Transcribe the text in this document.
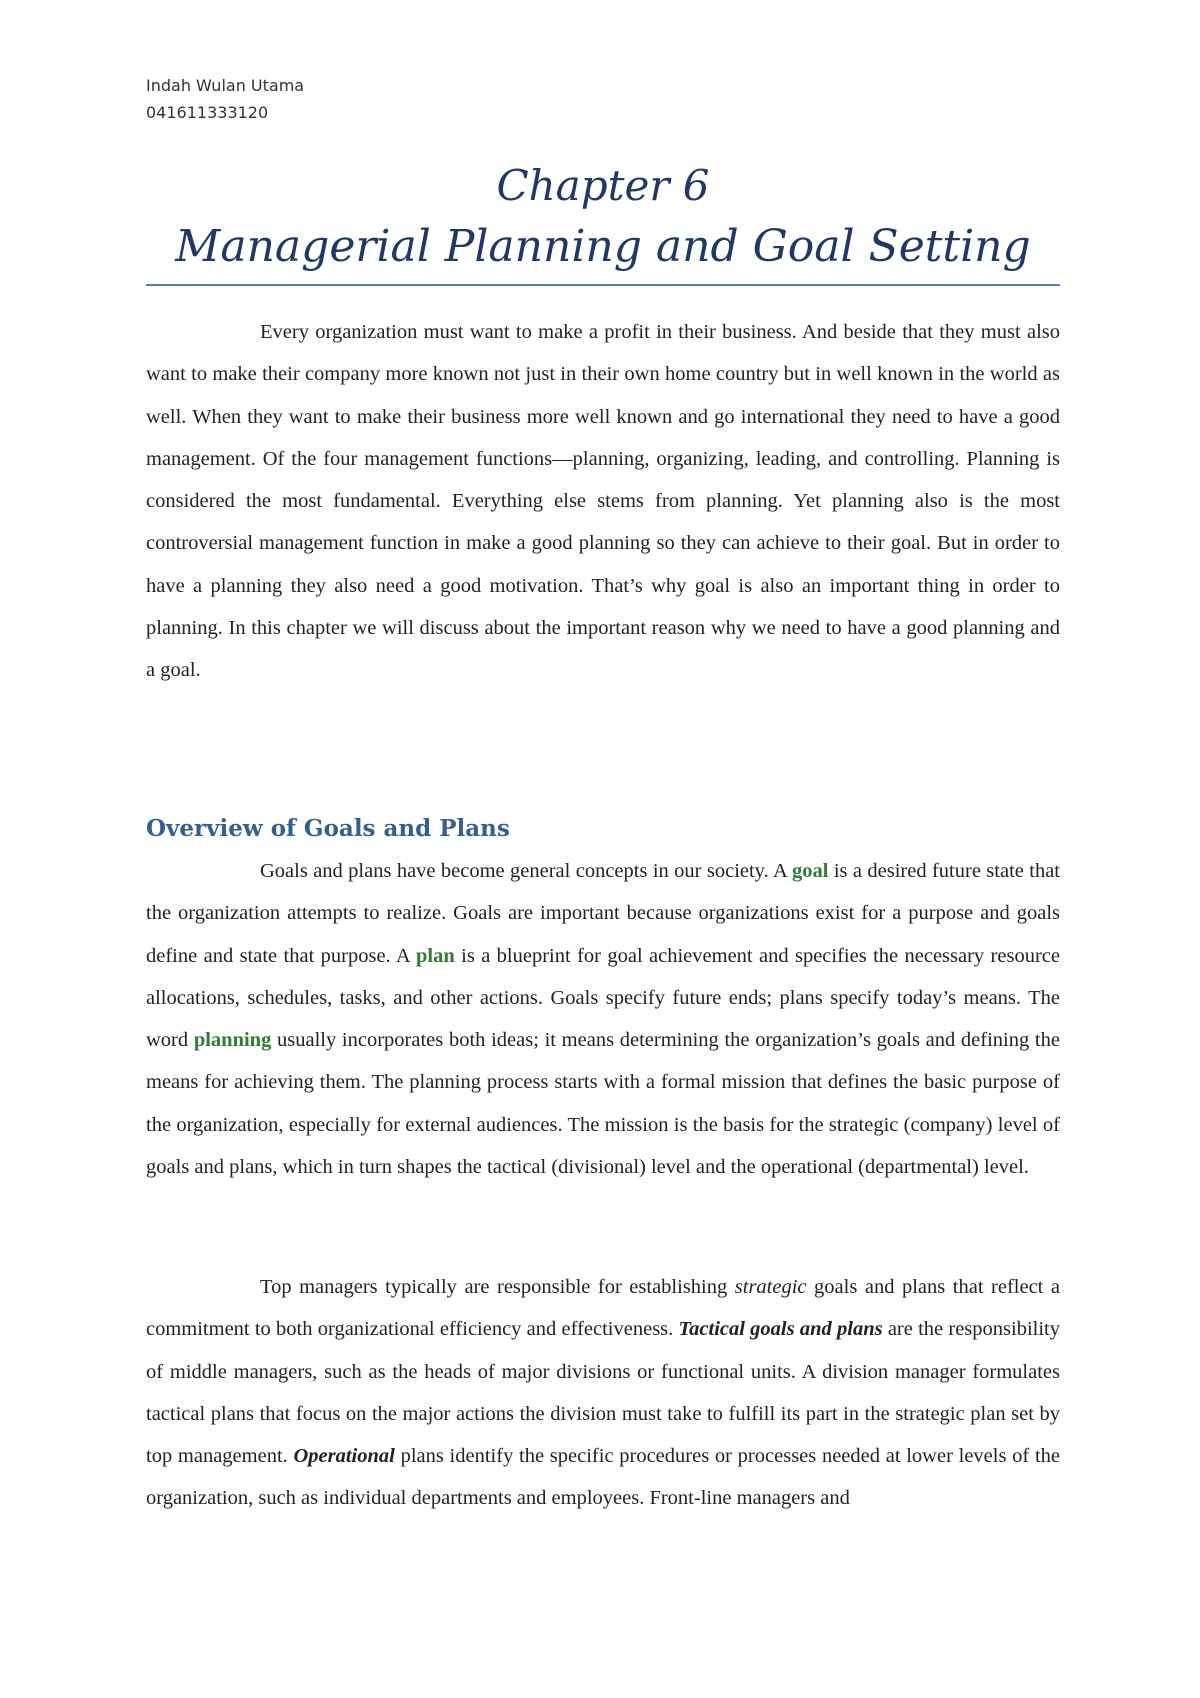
Indah Wulan Utama
041611333120
Chapter 6
Managerial Planning and Goal Setting

Every organization must want to make a profit in their business. And beside that they must also want to make their company more known not just in their own home country but in well known in the world as well. When they want to make their business more well known and go international they need to have a good management. Of the four management functions—planning, organizing, leading, and controlling. Planning is considered the most fundamental. Everything else stems from planning. Yet planning also is the most controversial management function in make a good planning so they can achieve to their goal. But in order to have a planning they also need a good motivation. That’s why goal is also an important thing in order to planning. In this chapter we will discuss about the important reason why we need to have a good planning and a goal.

Overview of Goals and Plans

Goals and plans have become general concepts in our society. A goal is a desired future state that the organization attempts to realize. Goals are important because organizations exist for a purpose and goals define and state that purpose. A plan is a blueprint for goal achievement and specifies the necessary resource allocations, schedules, tasks, and other actions. Goals specify future ends; plans specify today’s means. The word planning usually incorporates both ideas; it means determining the organization’s goals and defining the means for achieving them. The planning process starts with a formal mission that defines the basic purpose of the organization, especially for external audiences. The mission is the basis for the strategic (company) level of goals and plans, which in turn shapes the tactical (divisional) level and the operational (departmental) level.

Top managers typically are responsible for establishing strategic goals and plans that reflect a commitment to both organizational efficiency and effectiveness. Tactical goals and plans are the responsibility of middle managers, such as the heads of major divisions or functional units. A division manager formulates tactical plans that focus on the major actions the division must take to fulfill its part in the strategic plan set by top management. Operational plans identify the specific procedures or processes needed at lower levels of the organization, such as individual departments and employees. Front-line managers and
